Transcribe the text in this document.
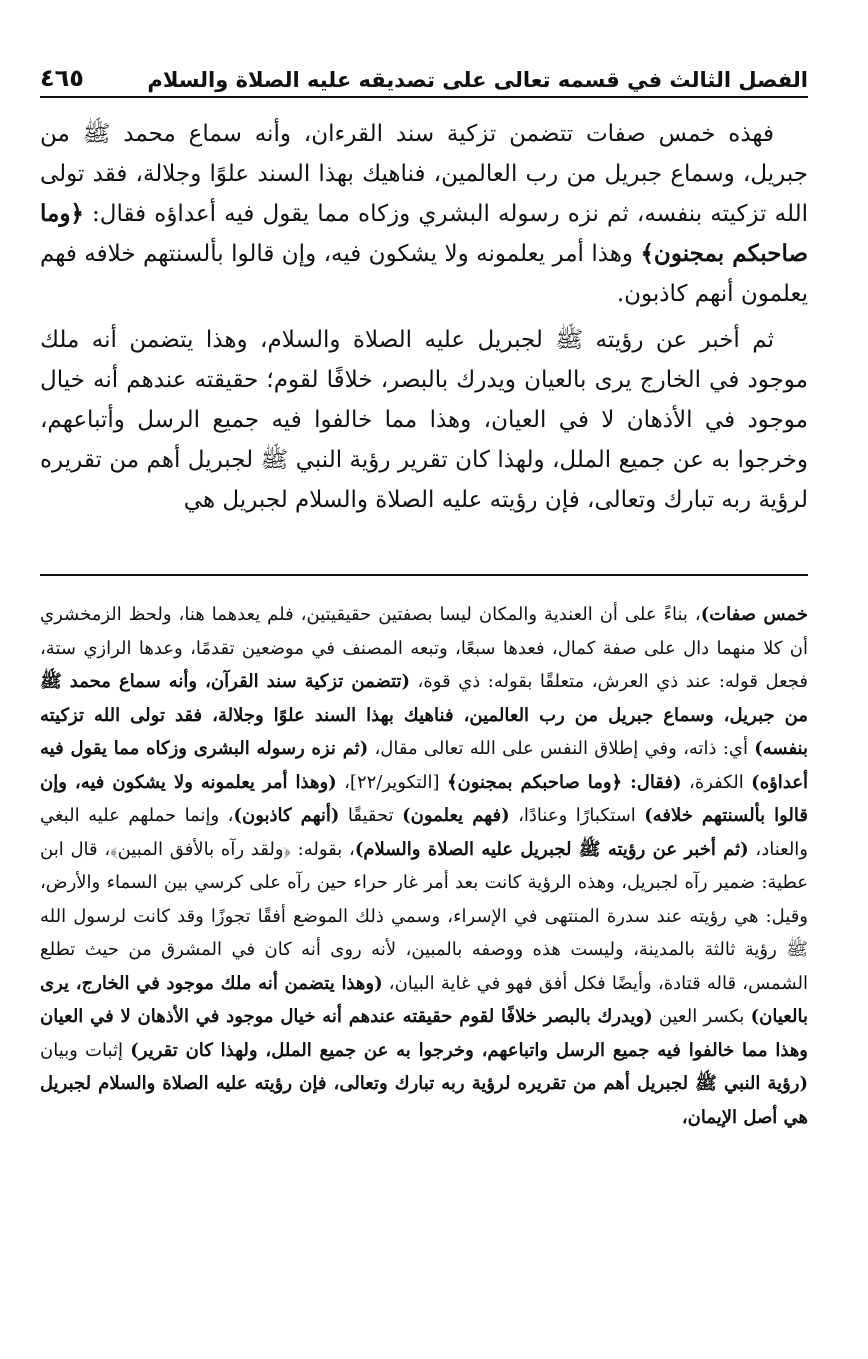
٤٦٥	الفصل الثالث في قسمه تعالى على تصديقه عليه الصلاة والسلام

فهذه خمس صفات تتضمن تزكية سند القرءان، وأنه سماع محمد ﷺ من جبريل، وسماع جبريل من رب العالمين، فناهيك بهذا السند علوًا وجلالة، فقد تولى الله تزكيته بنفسه، ثم نزه رسوله البشري وزكاه مما يقول فيه أعداؤه فقال: ﴿وما صاحبكم بمجنون﴾ وهذا أمر يعلمونه ولا يشكون فيه، وإن قالوا بألسنتهم خلافه فهم يعلمون أنهم كاذبون.

ثم أخبر عن رؤيته ﷺ لجبريل عليه الصلاة والسلام، وهذا يتضمن أنه ملك موجود في الخارج يرى بالعيان ويدرك بالبصر، خلافًا لقوم؛ حقيقته عندهم أنه خيال موجود في الأذهان لا في العيان، وهذا مما خالفوا فيه جميع الرسل وأتباعهم، وخرجوا به عن جميع الملل، ولهذا كان تقرير رؤية النبي ﷺ لجبريل أهم من تقريره لرؤية ربه تبارك وتعالى، فإن رؤيته عليه الصلاة والسلام لجبريل هي

خمس صفات)، بناءً على أن العندية والمكان ليسا بصفتين حقيقيتين، فلم يعدهما هنا، ولحظ الزمخشري أن كلا منهما دال على صفة كمال، فعدها سبعًا، وتبعه المصنف في موضعين تقدمًا، وعدها الرازي ستة، فجعل قوله: عند ذي العرش، متعلقًا بقوله: ذي قوة، (تتضمن تزكية سند القرآن، وأنه سماع محمد ﷺ من جبريل، وسماع جبريل من رب العالمين، فناهيك بهذا السند علوًا وجلالة، فقد تولى الله تزكيته بنفسه) أي: ذاته، وفي إطلاق النفس على الله تعالى مقال، (ثم نزه رسوله البشرى وزكاه مما يقول فيه أعداؤه) الكفرة، (فقال: ﴿وما صاحبكم بمجنون﴾ [التكوير/٢٢]، (وهذا أمر يعلمونه ولا يشكون فيه، وإن قالوا بألسنتهم خلافه) استكبارًا وعنادًا، (فهم يعلمون) تحقيقًا (أنهم كاذبون)، وإنما حملهم عليه البغي والعناد، (ثم أخبر عن رؤيته ﷺ لجبريل عليه الصلاة والسلام)، بقوله: ﴿ولقد رآه بالأفق المبين﴾، قال ابن عطية: ضمير رآه لجبريل، وهذه الرؤية كانت بعد أمر غار حراء حين رآه على كرسي بين السماء والأرض، وقيل: هي رؤيته عند سدرة المنتهى في الإسراء، وسمي ذلك الموضع أفقًا تجوزًا وقد كانت لرسول الله ﷺ رؤية ثالثة بالمدينة، وليست هذه ووصفه بالمبين، لأنه روى أنه كان في المشرق من حيث تطلع الشمس، قاله قتادة، وأيضًا فكل أفق فهو في غاية البيان، (وهذا يتضمن أنه ملك موجود في الخارج، يرى بالعيان) بكسر العين (ويدرك بالبصر خلافًا لقوم حقيقته عندهم أنه خيال موجود في الأذهان لا في العيان وهذا مما خالفوا فيه جميع الرسل واتباعهم، وخرجوا به عن جميع الملل، ولهذا كان تقرير) إثبات وبيان (رؤية النبي ﷺ لجبريل أهم من تقريره لرؤية ربه تبارك وتعالى، فإن رؤيته عليه الصلاة والسلام لجبريل هي أصل الإيمان،
